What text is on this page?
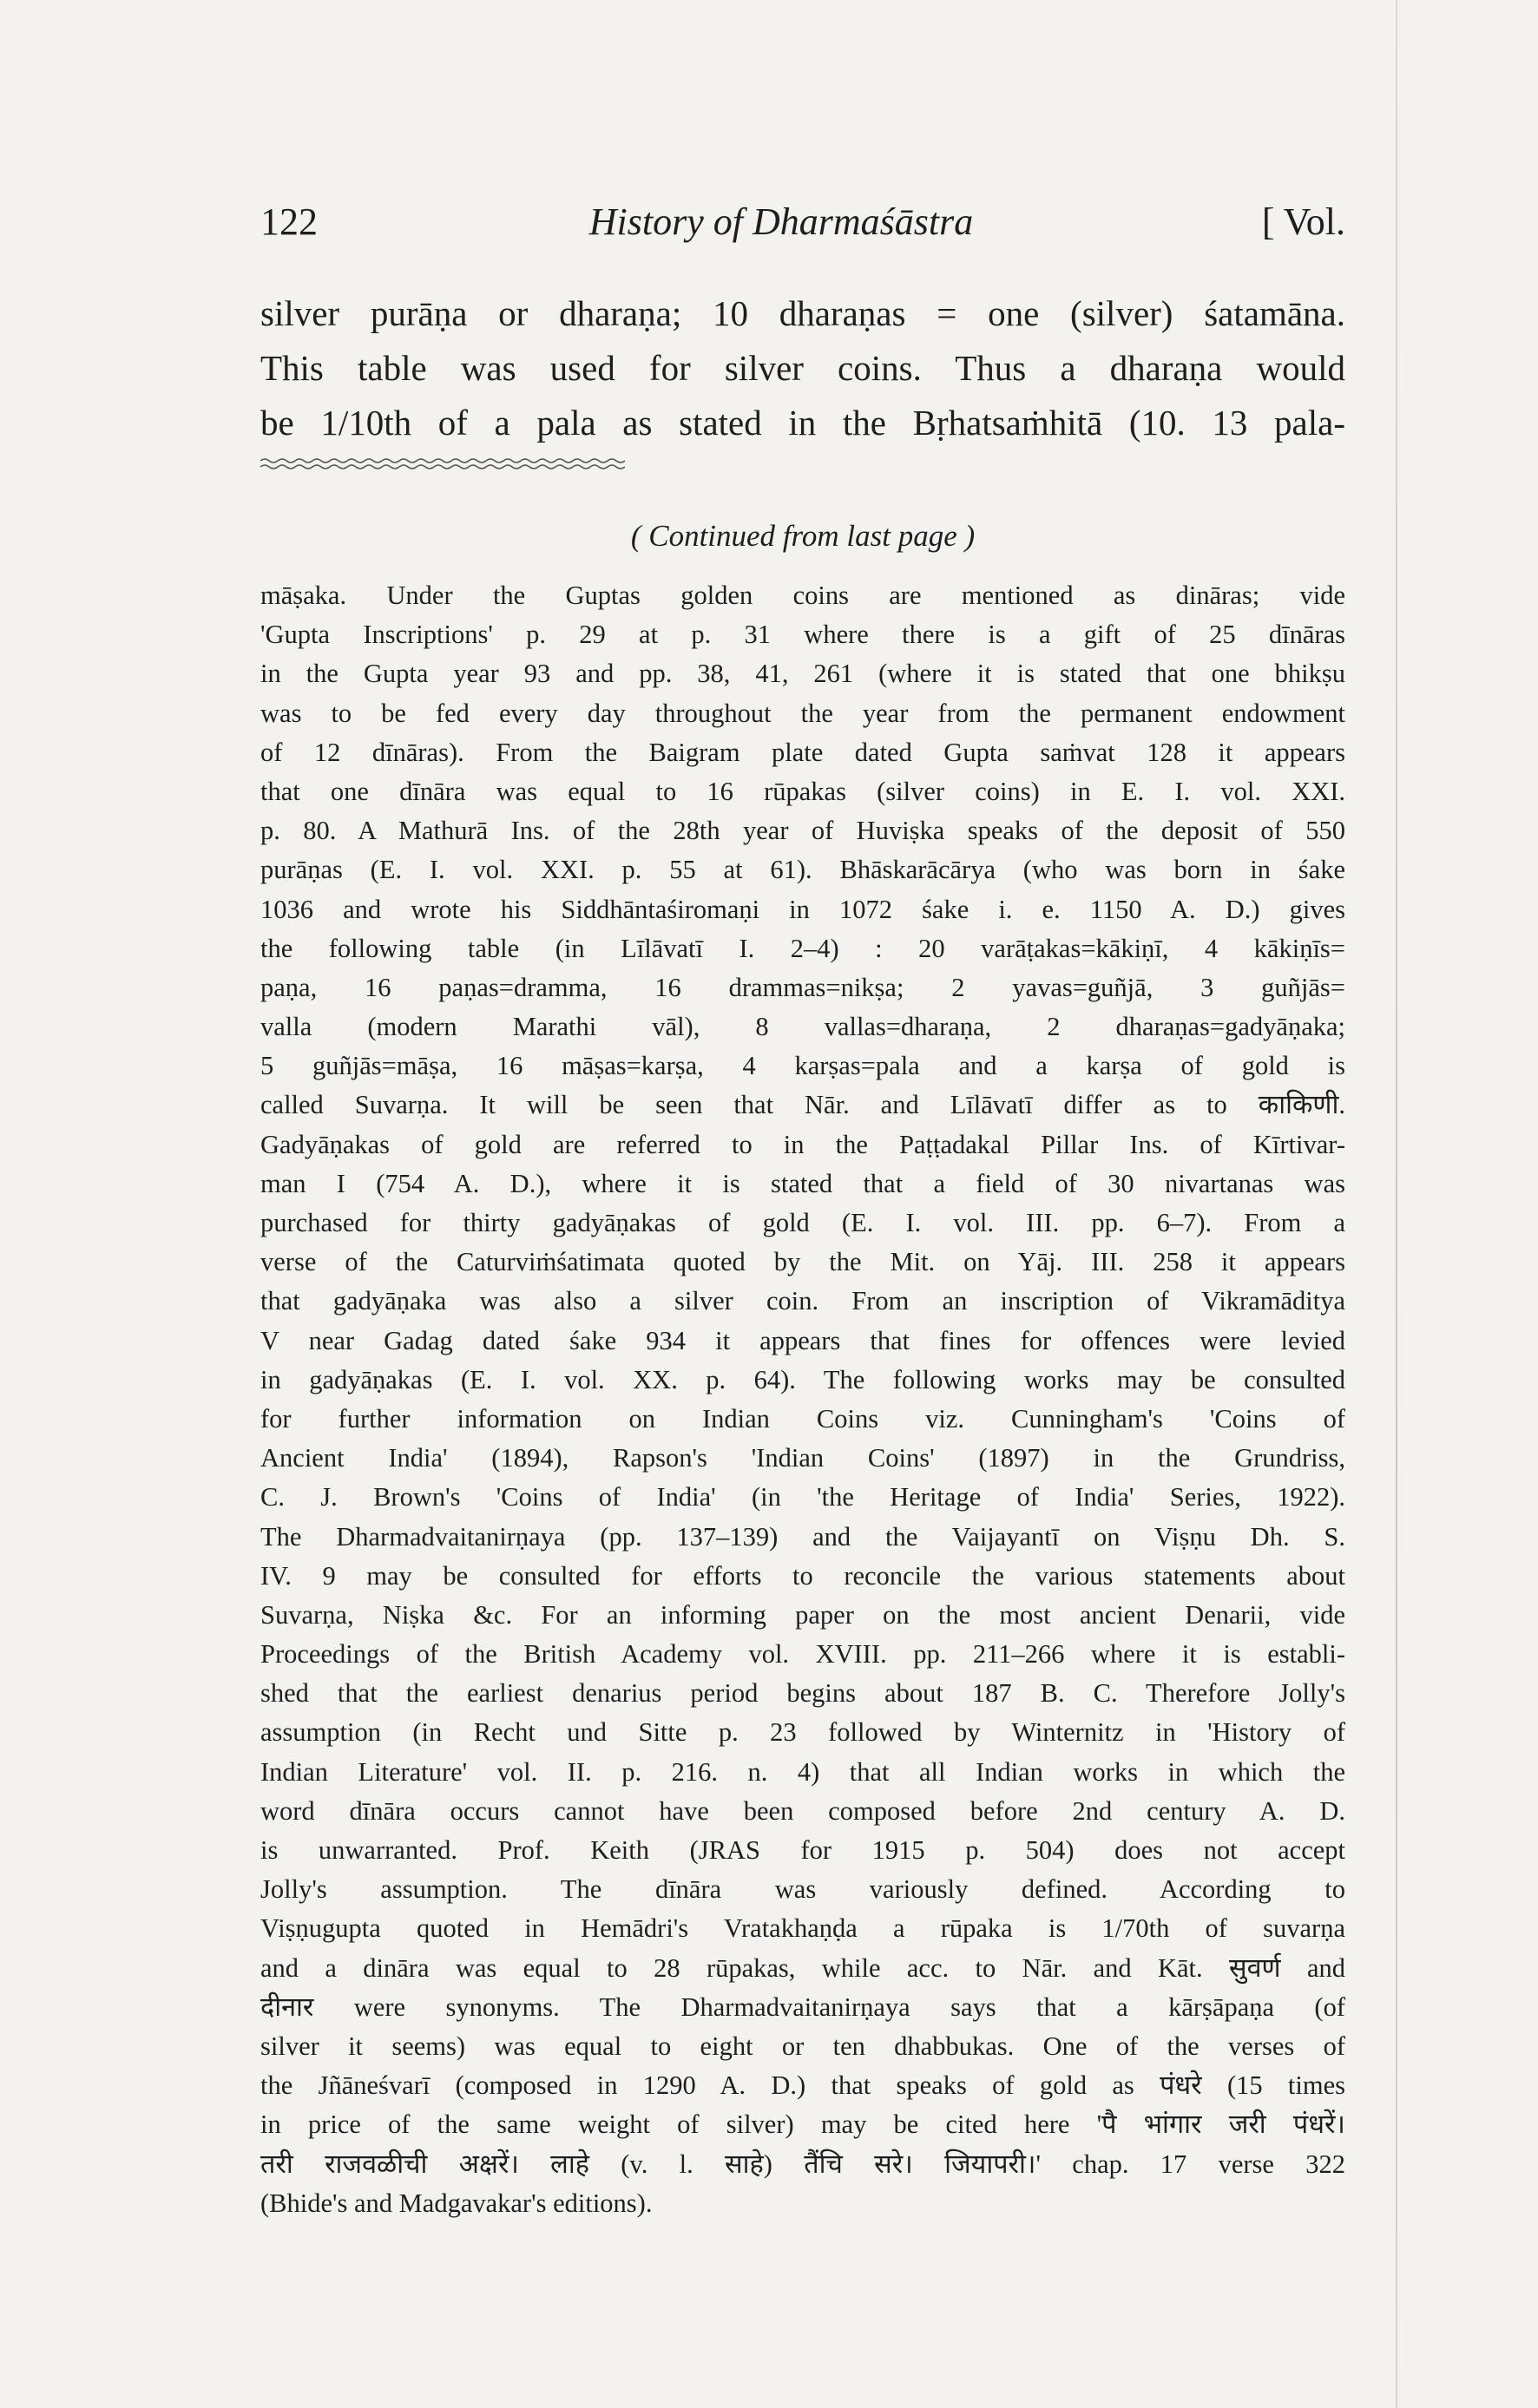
122	History of Dharmaśāstra	[ Vol.
silver purāṇa or dharaṇa; 10 dharaṇas = one (silver) śatamāna.
This table was used for silver coins. Thus a dharaṇa would
be 1/10th of a pala as stated in the Bṛhatsaṁhitā (10. 13 pala-
( Continued from last page )
māṣaka. Under the Guptas golden coins are mentioned as dināras; vide
'Gupta Inscriptions' p. 29 at p. 31 where there is a gift of 25 dīnāras
in the Gupta year 93 and pp. 38, 41, 261 (where it is stated that one bhikṣu
was to be fed every day throughout the year from the permanent endowment
of 12 dīnāras). From the Baigram plate dated Gupta saṁvat 128 it appears
that one dīnāra was equal to 16 rūpakas (silver coins) in E. I. vol. XXI.
p. 80. A Mathurā Ins. of the 28th year of Huviṣka speaks of the deposit of 550
purāṇas (E. I. vol. XXI. p. 55 at 61). Bhāskarācārya (who was born in śake
1036 and wrote his Siddhāntaśiromaṇi in 1072 śake i. e. 1150 A. D.) gives
the following table (in Līlāvatī I. 2–4) : 20 varāṭakas=kākiṇī, 4 kākiṇīs=
paṇa, 16 paṇas=dramma, 16 drammas=nikṣa; 2 yavas=guñjā, 3 guñjās=
valla (modern Marathi vāl), 8 vallas=dharaṇa, 2 dharaṇas=gadyāṇaka;
5 guñjās=māṣa, 16 māṣas=karṣa, 4 karṣas=pala and a karṣa of gold is
called Suvarṇa. It will be seen that Nār. and Līlāvatī differ as to काकिणी.
Gadyāṇakas of gold are referred to in the Paṭṭadakal Pillar Ins. of Kīrtivar-
man I (754 A. D.), where it is stated that a field of 30 nivartanas was
purchased for thirty gadyāṇakas of gold (E. I. vol. III. pp. 6–7). From a
verse of the Caturviṁśatimata quoted by the Mit. on Yāj. III. 258 it appears
that gadyāṇaka was also a silver coin. From an inscription of Vikramāditya
V near Gadag dated śake 934 it appears that fines for offences were levied
in gadyāṇakas (E. I. vol. XX. p. 64). The following works may be consulted
for further information on Indian Coins viz. Cunningham's 'Coins of
Ancient India' (1894), Rapson's 'Indian Coins' (1897) in the Grundriss,
C. J. Brown's 'Coins of India' (in 'the Heritage of India' Series, 1922).
The Dharmadvaitanirṇaya (pp. 137–139) and the Vaijayantī on Viṣṇu Dh. S.
IV. 9 may be consulted for efforts to reconcile the various statements about
Suvarṇa, Niṣka &c. For an informing paper on the most ancient Denarii, vide
Proceedings of the British Academy vol. XVIII. pp. 211–266 where it is establi-
shed that the earliest denarius period begins about 187 B. C. Therefore Jolly's
assumption (in Recht und Sitte p. 23 followed by Winternitz in 'History of
Indian Literature' vol. II. p. 216. n. 4) that all Indian works in which the
word dīnāra occurs cannot have been composed before 2nd century A. D.
is unwarranted. Prof. Keith (JRAS for 1915 p. 504) does not accept
Jolly's assumption. The dīnāra was variously defined. According to
Viṣṇugupta quoted in Hemādri's Vratakhaṇḍa a rūpaka is 1/70th of suvarṇa
and a dināra was equal to 28 rūpakas, while acc. to Nār. and Kāt. सुवर्ण and
दीनार were synonyms. The Dharmadvaitanirṇaya says that a kārṣāpaṇa (of
silver it seems) was equal to eight or ten dhabbukas. One of the verses of
the Jñāneśvarī (composed in 1290 A. D.) that speaks of gold as पंधरे (15 times
in price of the same weight of silver) may be cited here 'पै भांगार जरी पंधरें।
तरी राजवळीची अक्षरें। लाहे (v. l. साहे) तैंचि सरे। जियापरी।' chap. 17 verse 322
(Bhide's and Madgavakar's editions).
